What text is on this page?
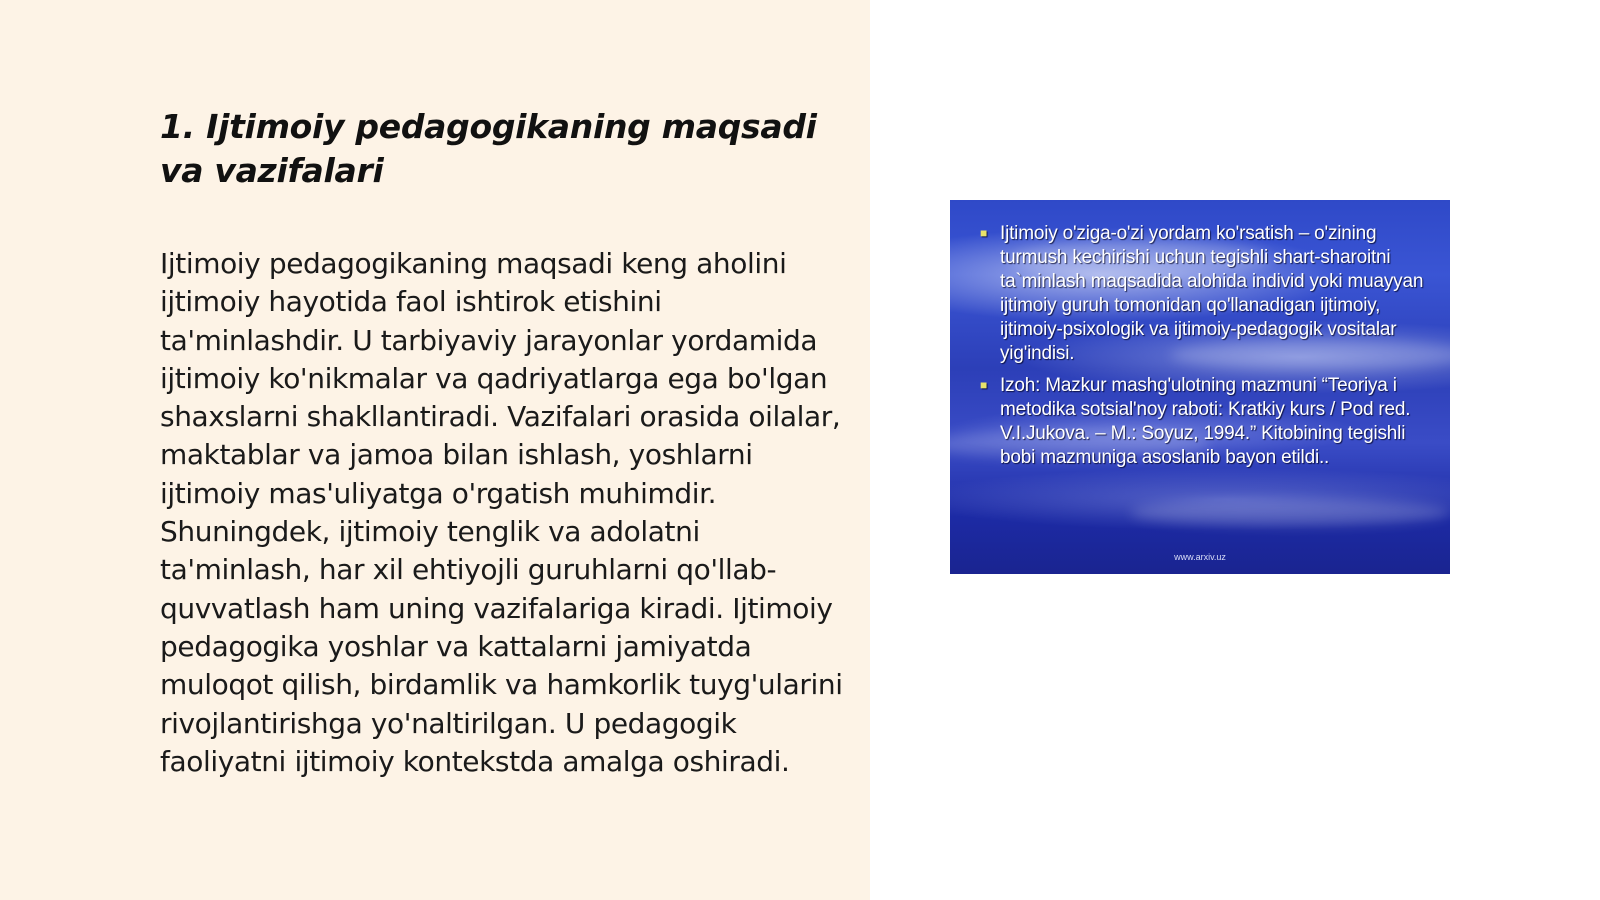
1. Ijtimoiy pedagogikaning maqsadi va vazifalari

Ijtimoiy pedagogikaning maqsadi keng aholini ijtimoiy hayotida faol ishtirok etishini ta'minlashdir. U tarbiyaviy jarayonlar yordamida ijtimoiy ko'nikmalar va qadriyatlarga ega bo'lgan shaxslarni shakllantiradi. Vazifalari orasida oilalar, maktablar va jamoa bilan ishlash, yoshlarni ijtimoiy mas'uliyatga o'rgatish muhimdir. Shuningdek, ijtimoiy tenglik va adolatni ta'minlash, har xil ehtiyojli guruhlarni qo'llab-quvvatlash ham uning vazifalariga kiradi. Ijtimoiy pedagogika yoshlar va kattalarni jamiyatda muloqot qilish, birdamlik va hamkorlik tuyg'ularini rivojlantirishga yo'naltirilgan. U pedagogik faoliyatni ijtimoiy kontekstda amalga oshiradi.

■ Ijtimoiy o'ziga-o'zi yordam ko'rsatish – o'zining turmush kechirishi uchun tegishli shart-sharoitni ta`minlash maqsadida alohida individ yoki muayyan ijtimoiy guruh tomonidan qo'llanadigan ijtimoiy, ijtimoiy-psixologik va ijtimoiy-pedagogik vositalar yig'indisi.
■ Izoh: Mazkur mashg'ulotning mazmuni “Teoriya i metodika sotsial'noy raboti: Kratkiy kurs / Pod red. V.I.Jukova. – M.: Soyuz, 1994.” Kitobining tegishli bobi mazmuniga asoslanib bayon etildi..
www.arxiv.uz
